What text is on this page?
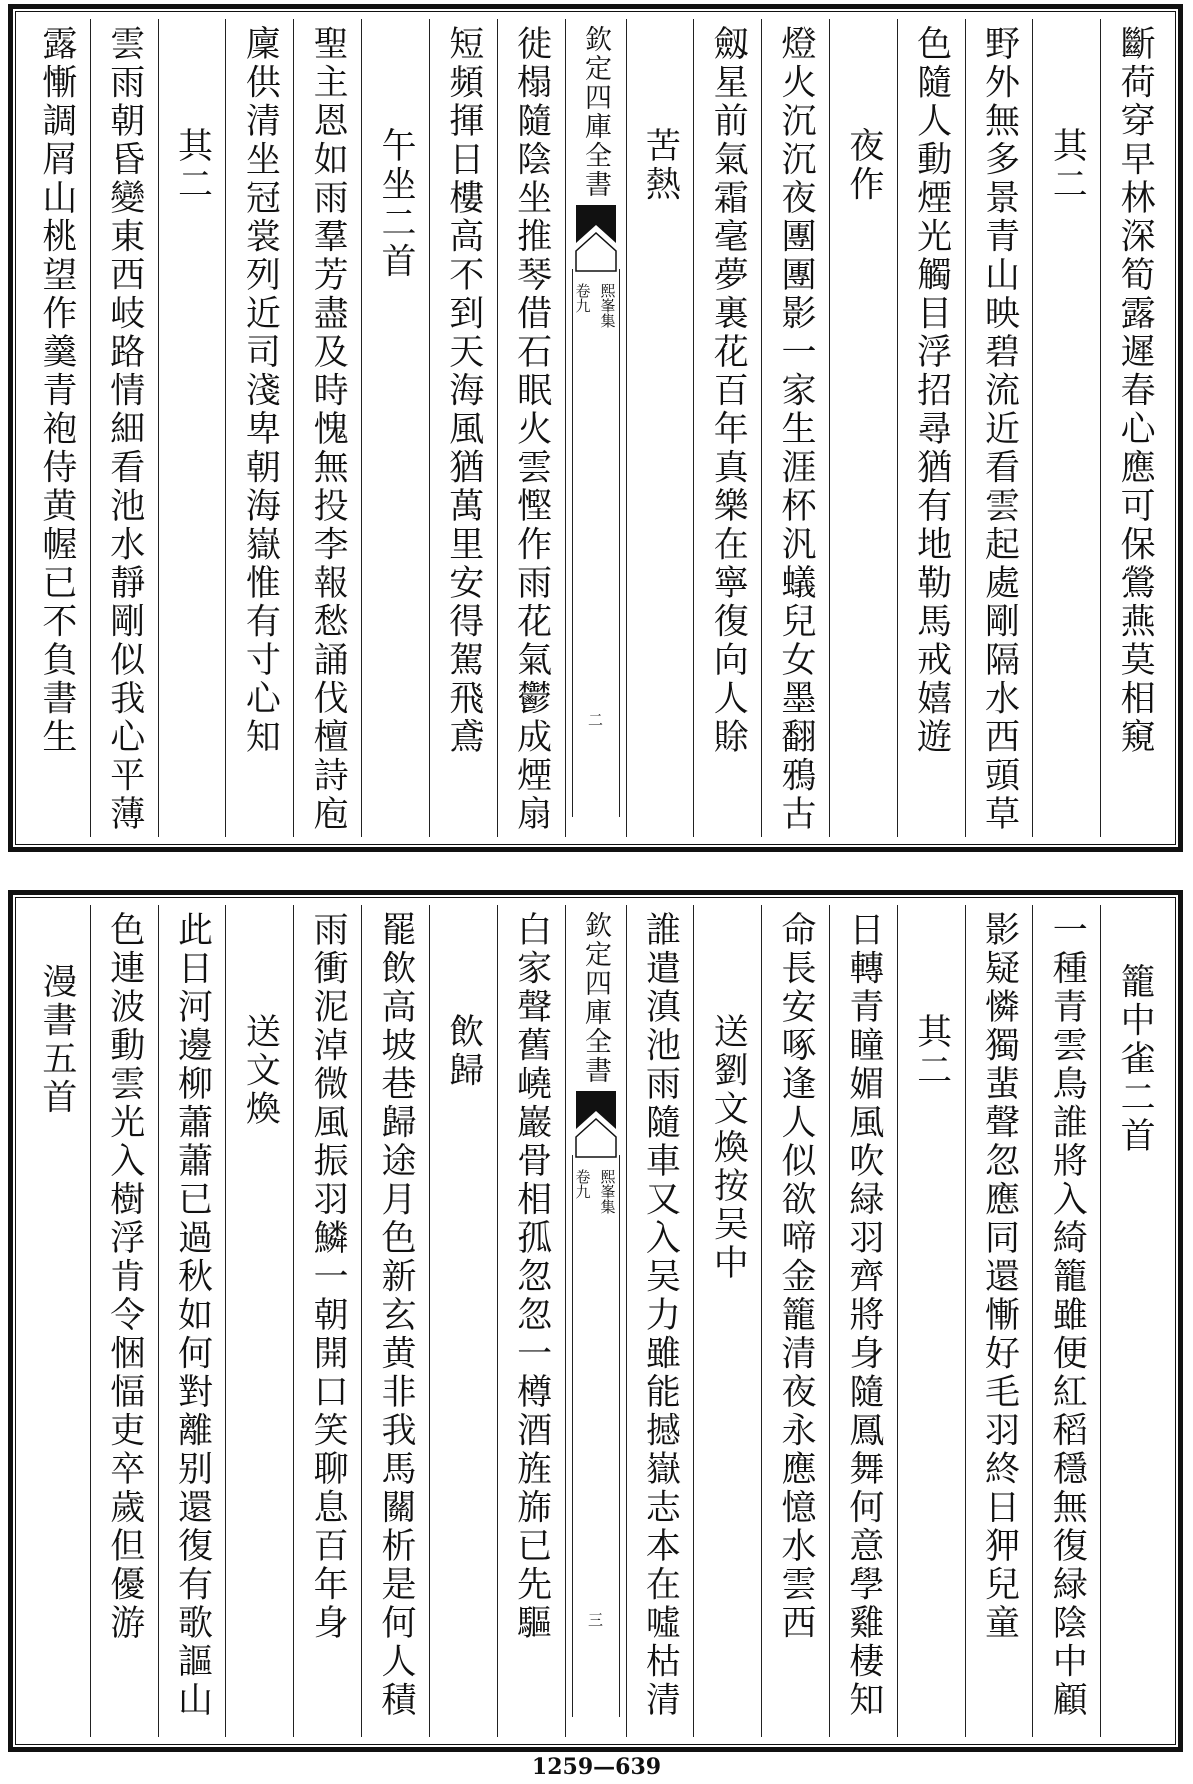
斷荷穿早林深筍露遲春心應可保鶯燕莫相窺
其二
野外無多景青山映碧流近看雲起處剛隔水西頭草
色隨人動煙光觸目浮招尋猶有地勒馬戒嬉遊
夜作
燈火沉沉夜團團影一家生涯杯汎蟻兒女墨翻鴉古
劔星前氣霜毫夢裏花百年真樂在寧復向人賖
苦熱
欽定四庫全書
熙峯集
卷九
二
徙榻隨陰坐推琴借石眠火雲慳作雨花氣鬱成煙扇
短頻揮日樓高不到天海風猶萬里安得駕飛鳶
午坐二首
聖主恩如雨羣芳盡及時愧無投李報愁誦伐檀詩庖
廩供清坐冠裳列近司淺卑朝海嶽惟有寸心知
其二
雲雨朝昏變東西岐路情細看池水靜剛似我心平薄
露慚調屑山桃望作羹青袍侍黄幄已不負書生
籠中雀二首
一種青雲鳥誰將入綺籠雖便紅稻穩無復緑陰中顧
影疑憐獨蜚聲忽應同還慚好毛羽終日狎兒童
其二
日轉青瞳媚風吹緑羽齊將身隨鳳舞何意學雞棲知
命長安啄逢人似欲啼金籠清夜永應憶水雲西
送劉文煥按吴中
誰遣滇池雨隨車又入吴力雖能撼嶽志本在噓枯清
欽定四庫全書
熙峯集
卷九
三
白家聲舊嶢巖骨相孤忽忽一樽酒旌旆已先驅
飲歸
罷飲高坡巷歸途月色新玄黄非我馬關析是何人積
雨衝泥淖微風振羽鱗一朝開口笑聊息百年身
送文煥
此日河邊柳蕭蕭已過秋如何對離别還復有歌謳山
色連波動雲光入樹浮肯令悃愊吏卒歲但優游
漫書五首
1259—639
